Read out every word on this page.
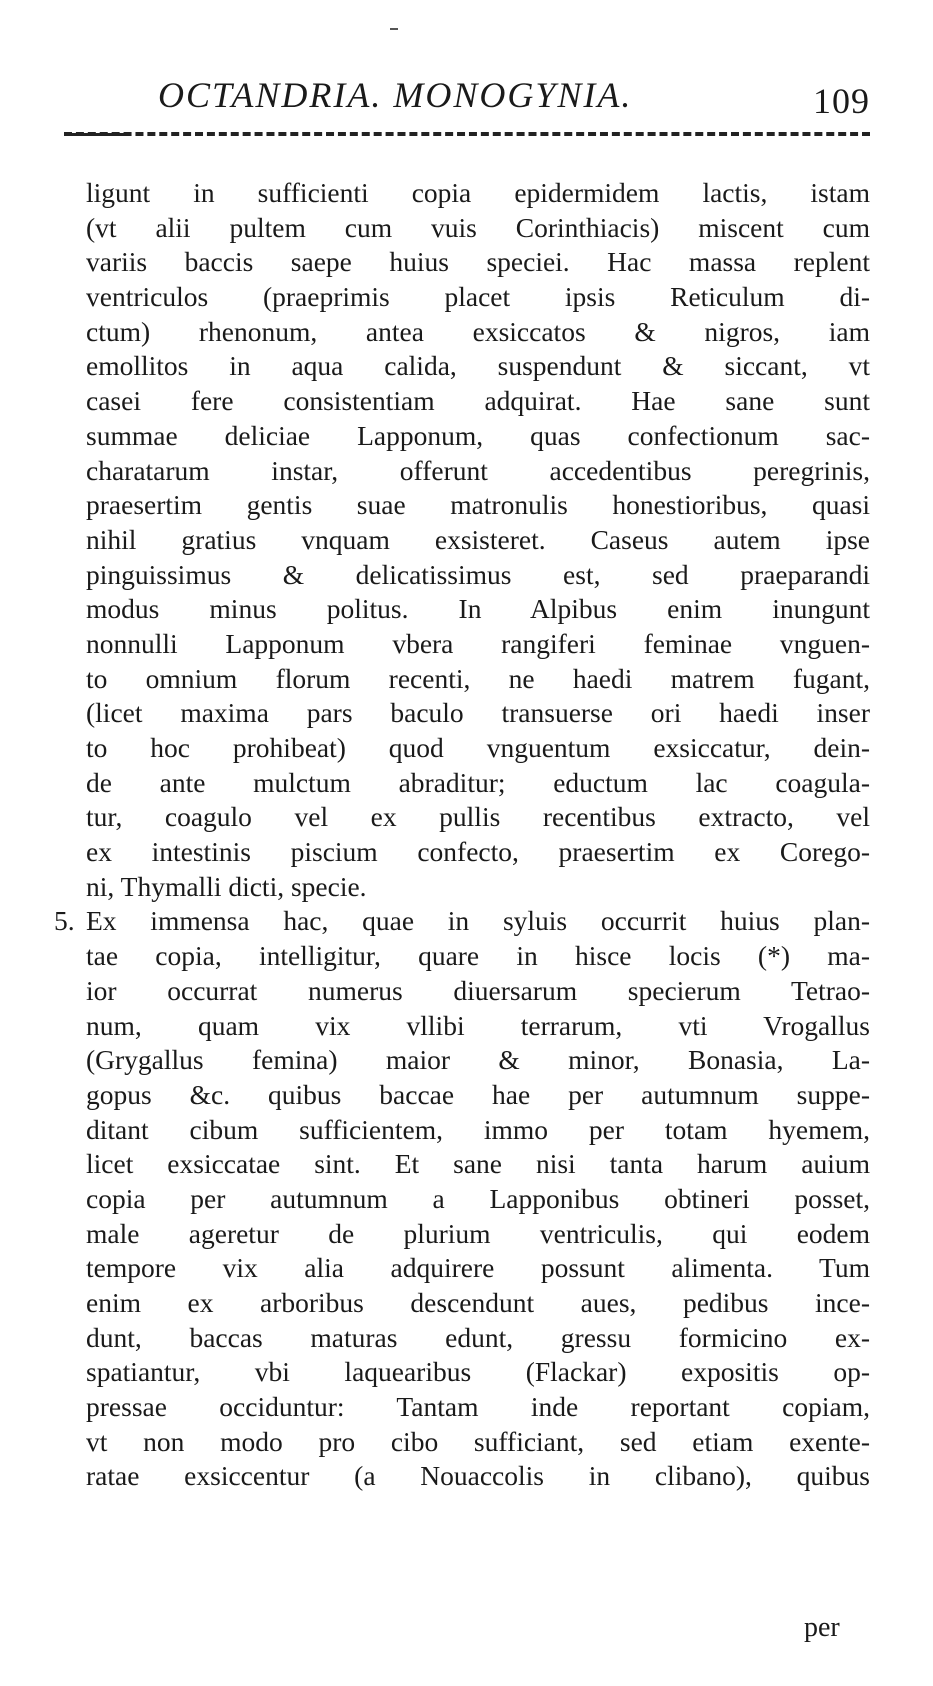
OCTANDRIA. MONOGYNIA.	109
ligunt in sufficienti copia epidermidem lactis, istam
(vt alii pultem cum vuis Corinthiacis) miscent cum
variis baccis saepe huius speciei. Hac massa replent
ventriculos (praeprimis placet ipsis Reticulum di-
ctum) rhenonum, antea exsiccatos & nigros, iam
emollitos in aqua calida, suspendunt & siccant, vt
casei fere consistentiam adquirat. Hae sane sunt
summae deliciae Lapponum, quas confectionum sac-
charatarum instar, offerunt accedentibus peregrinis,
praesertim gentis suae matronulis honestioribus, quasi
nihil gratius vnquam exsisteret. Caseus autem ipse
pinguissimus & delicatissimus est, sed praeparandi
modus minus politus. In Alpibus enim inungunt
nonnulli Lapponum vbera rangiferi feminae vnguen-
to omnium florum recenti, ne haedi matrem fugant,
(licet maxima pars baculo transuerse ori haedi inser
to hoc prohibeat) quod vnguentum exsiccatur, dein-
de ante mulctum abraditur; eductum lac coagula-
tur, coagulo vel ex pullis recentibus extracto, vel
ex intestinis piscium confecto, praesertim ex Corego-
ni, Thymalli dicti, specie.
5. Ex immensa hac, quae in syluis occurrit huius plan-
tae copia, intelligitur, quare in hisce locis (*) ma-
ior occurrat numerus diuersarum specierum Tetrao-
num, quam vix vllibi terrarum, vti Vrogallus
(Grygallus femina) maior & minor, Bonasia, La-
gopus &c. quibus baccae hae per autumnum suppe-
ditant cibum sufficientem, immo per totam hyemem,
licet exsiccatae sint. Et sane nisi tanta harum auium
copia per autumnum a Lapponibus obtineri posset,
male ageretur de plurium ventriculis, qui eodem
tempore vix alia adquirere possunt alimenta. Tum
enim ex arboribus descendunt aues, pedibus ince-
dunt, baccas maturas edunt, gressu formicino ex-
spatiantur, vbi laquearibus (Flackar) expositis op-
pressae occiduntur: Tantam inde reportant copiam,
vt non modo pro cibo sufficiant, sed etiam exente-
ratae exsiccentur (a Nouaccolis in clibano), quibus
per
